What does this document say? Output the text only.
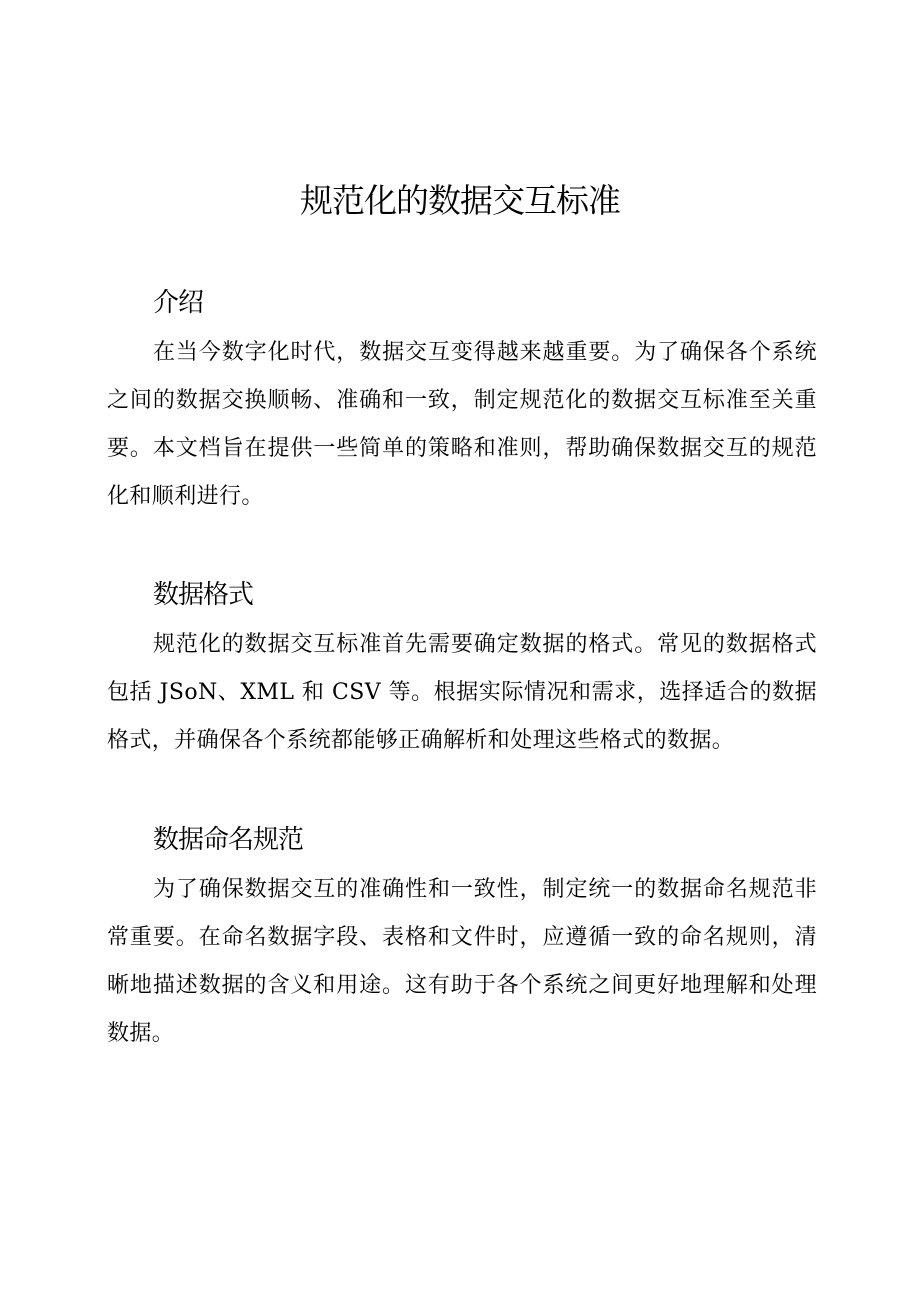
规范化的数据交互标准
介绍

在当今数字化时代，数据交互变得越来越重要。为了确保各个系统之间的数据交换顺畅、准确和一致，制定规范化的数据交互标准至关重要。本文档旨在提供一些简单的策略和准则，帮助确保数据交互的规范化和顺利进行。

数据格式

规范化的数据交互标准首先需要确定数据的格式。常见的数据格式包括 JSoN、XML 和 CSV 等。根据实际情况和需求，选择适合的数据格式，并确保各个系统都能够正确解析和处理这些格式的数据。

数据命名规范

为了确保数据交互的准确性和一致性，制定统一的数据命名规范非常重要。在命名数据字段、表格和文件时，应遵循一致的命名规则，清晰地描述数据的含义和用途。这有助于各个系统之间更好地理解和处理数据。
